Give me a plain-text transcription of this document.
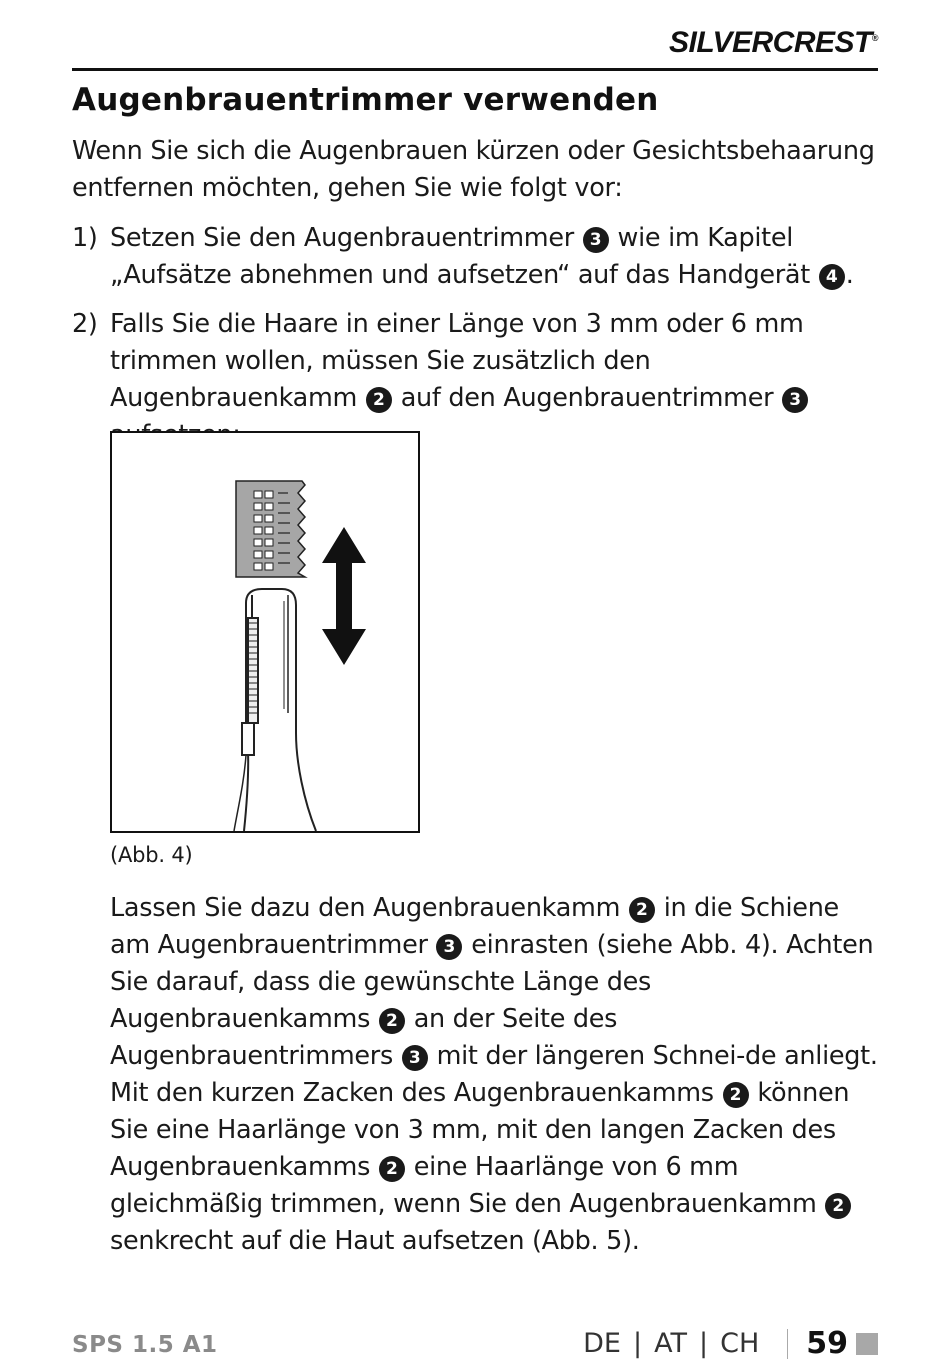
SILVERCREST®
Augenbrauentrimmer verwenden

Wenn Sie sich die Augenbrauen kürzen oder Gesichtsbehaarung entfernen möchten, gehen Sie wie folgt vor:

1) Setzen Sie den Augenbrauentrimmer 3 wie im Kapitel „Aufsätze abnehmen und aufsetzen“ auf das Handgerät 4 .
2) Falls Sie die Haare in einer Länge von 3 mm oder 6 mm trimmen wollen, müssen Sie zusätzlich den Augenbrauenkamm 2 auf den Augenbrauentrimmer 3
(Abb. 4)

Lassen Sie dazu den Augenbrauenkamm 2 in die Schiene am Augenbrauentrimmer 3 einrasten (siehe Abb. 4). Achten Sie darauf, dass die gewünschte Länge des Augenbrauenkamms 2 an der Seite des Augenbrauentrimmers 3 mit der längeren Schnei-de anliegt. Mit den kurzen Zacken des Augenbrauenkamms 2 können Sie eine Haarlänge von 3 mm, mit den langen Zacken des Augenbrauenkamms 2 eine Haarlänge von 6 mm gleichmäßig trimmen, wenn Sie den Augenbrauenkamm 2 senkrecht auf die Haut aufsetzen (Abb. 5).

SPS 1.5 A1	DE | AT | CH 59
